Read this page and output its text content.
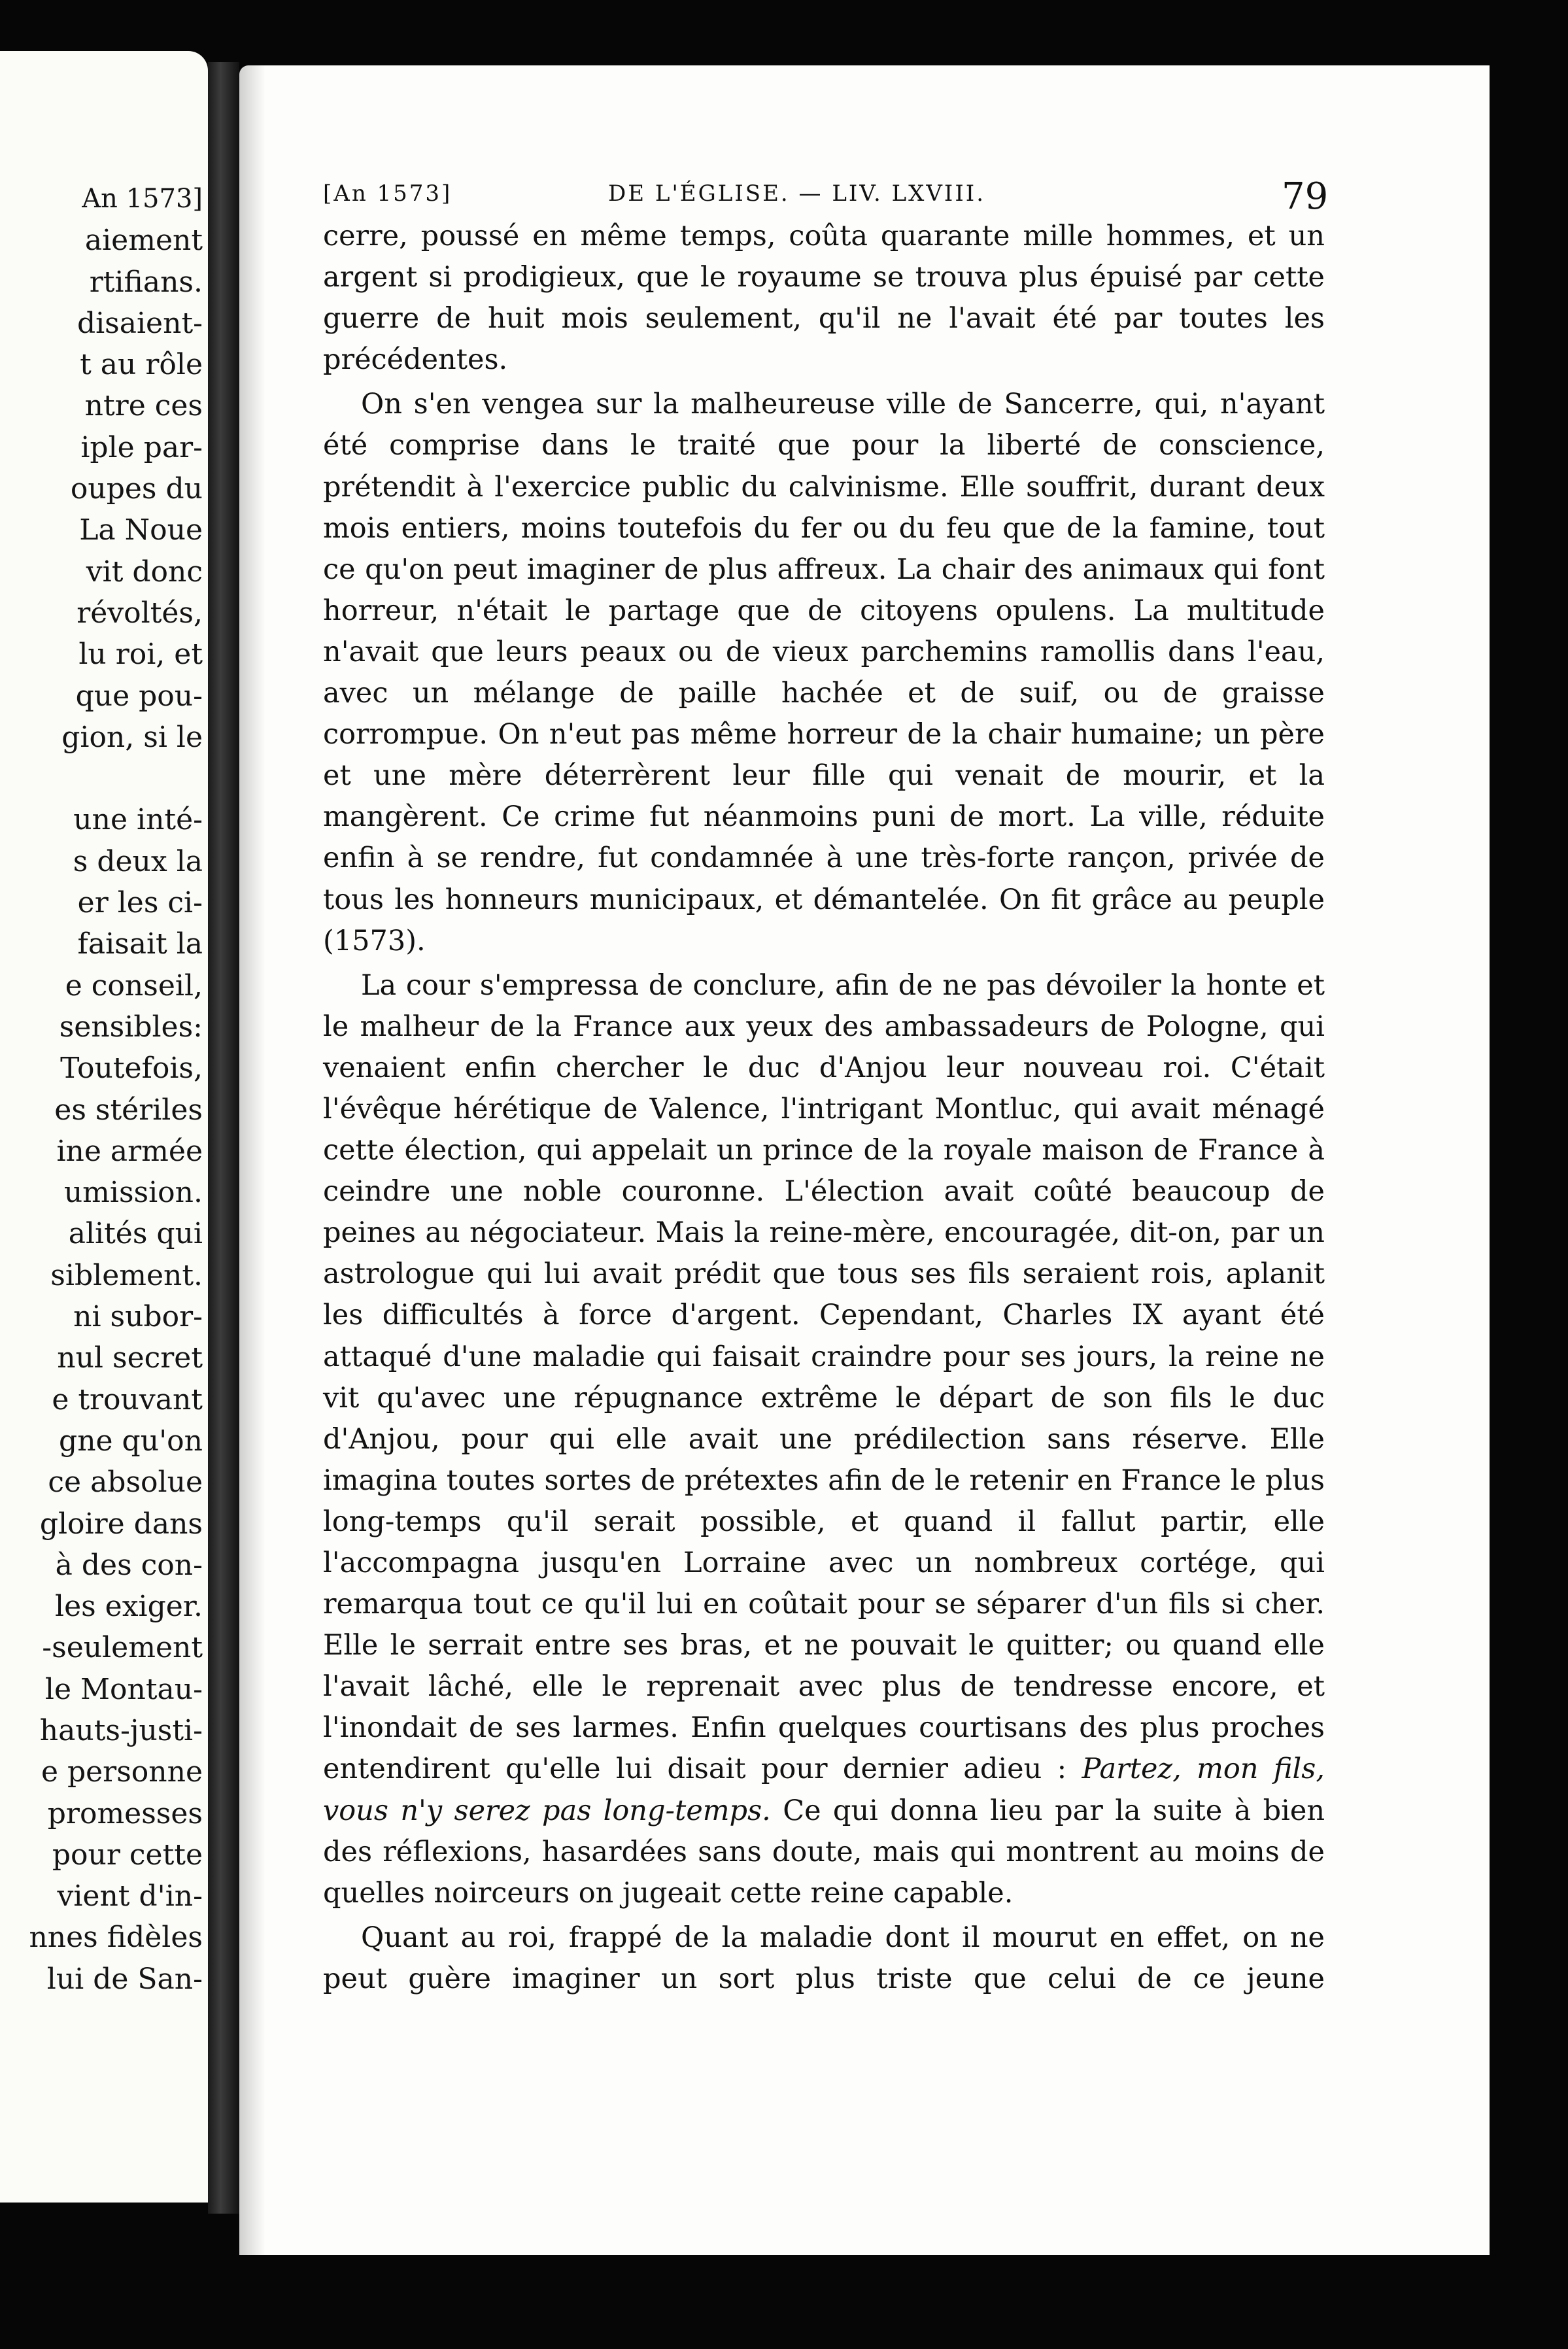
An 1573]
aiement
rtifians.
disaient-
t au rôle
ntre ces
iple par-
oupes du
La Noue
vit donc
révoltés,
lu roi, et
que pou-
gion, si le
une inté-
s deux la
er les ci-
faisait la
e conseil,
sensibles:
Toutefois,
es stériles
ine armée
umission.
alités qui
siblement.
ni subor-
nul secret
e trouvant
gne qu'on
ce absolue
gloire dans
à des con-
les exiger.
-seulement
le Montau-
hauts-justi-
e personne
promesses
pour cette
vient d'in-
nnes fidèles
lui de San-
[An 1573]	DE L'ÉGLISE. — LIV. LXVIII.	79

cerre, poussé en même temps, coûta quarante mille hommes, et un argent si prodigieux, que le royaume se trouva plus épuisé par cette guerre de huit mois seulement, qu'il ne l'avait été par toutes les précédentes.

On s'en vengea sur la malheureuse ville de Sancerre, qui, n'ayant été comprise dans le traité que pour la liberté de conscience, prétendit à l'exercice public du calvinisme. Elle souffrit, durant deux mois entiers, moins toutefois du fer ou du feu que de la famine, tout ce qu'on peut imaginer de plus affreux. La chair des animaux qui font horreur, n'était le partage que de citoyens opulens. La multitude n'avait que leurs peaux ou de vieux parchemins ramollis dans l'eau, avec un mélange de paille hachée et de suif, ou de graisse corrompue. On n'eut pas même horreur de la chair humaine; un père et une mère déterrèrent leur fille qui venait de mourir, et la mangèrent. Ce crime fut néanmoins puni de mort. La ville, réduite enfin à se rendre, fut condamnée à une très-forte rançon, privée de tous les honneurs municipaux, et démantelée. On fit grâce au peuple (1573).

La cour s'empressa de conclure, afin de ne pas dévoiler la honte et le malheur de la France aux yeux des ambassadeurs de Pologne, qui venaient enfin chercher le duc d'Anjou leur nouveau roi. C'était l'évêque hérétique de Valence, l'intrigant Montluc, qui avait ménagé cette élection, qui appelait un prince de la royale maison de France à ceindre une noble couronne. L'élection avait coûté beaucoup de peines au négociateur. Mais la reine-mère, encouragée, dit-on, par un astrologue qui lui avait prédit que tous ses fils seraient rois, aplanit les difficultés à force d'argent. Cependant, Charles IX ayant été attaqué d'une maladie qui faisait craindre pour ses jours, la reine ne vit qu'avec une répugnance extrême le départ de son fils le duc d'Anjou, pour qui elle avait une prédilection sans réserve. Elle imagina toutes sortes de prétextes afin de le retenir en France le plus long-temps qu'il serait possible, et quand il fallut partir, elle l'accompagna jusqu'en Lorraine avec un nombreux cortége, qui remarqua tout ce qu'il lui en coûtait pour se séparer d'un fils si cher. Elle le serrait entre ses bras, et ne pouvait le quitter; ou quand elle l'avait lâché, elle le reprenait avec plus de tendresse encore, et l'inondait de ses larmes. Enfin quelques courtisans des plus proches entendirent qu'elle lui disait pour dernier adieu : Partez, mon fils, vous n'y serez pas long-temps. Ce qui donna lieu par la suite à bien des réflexions, hasardées sans doute, mais qui montrent au moins de quelles noirceurs on jugeait cette reine capable.

Quant au roi, frappé de la maladie dont il mourut en effet, on ne peut guère imaginer un sort plus triste que celui de ce jeune
